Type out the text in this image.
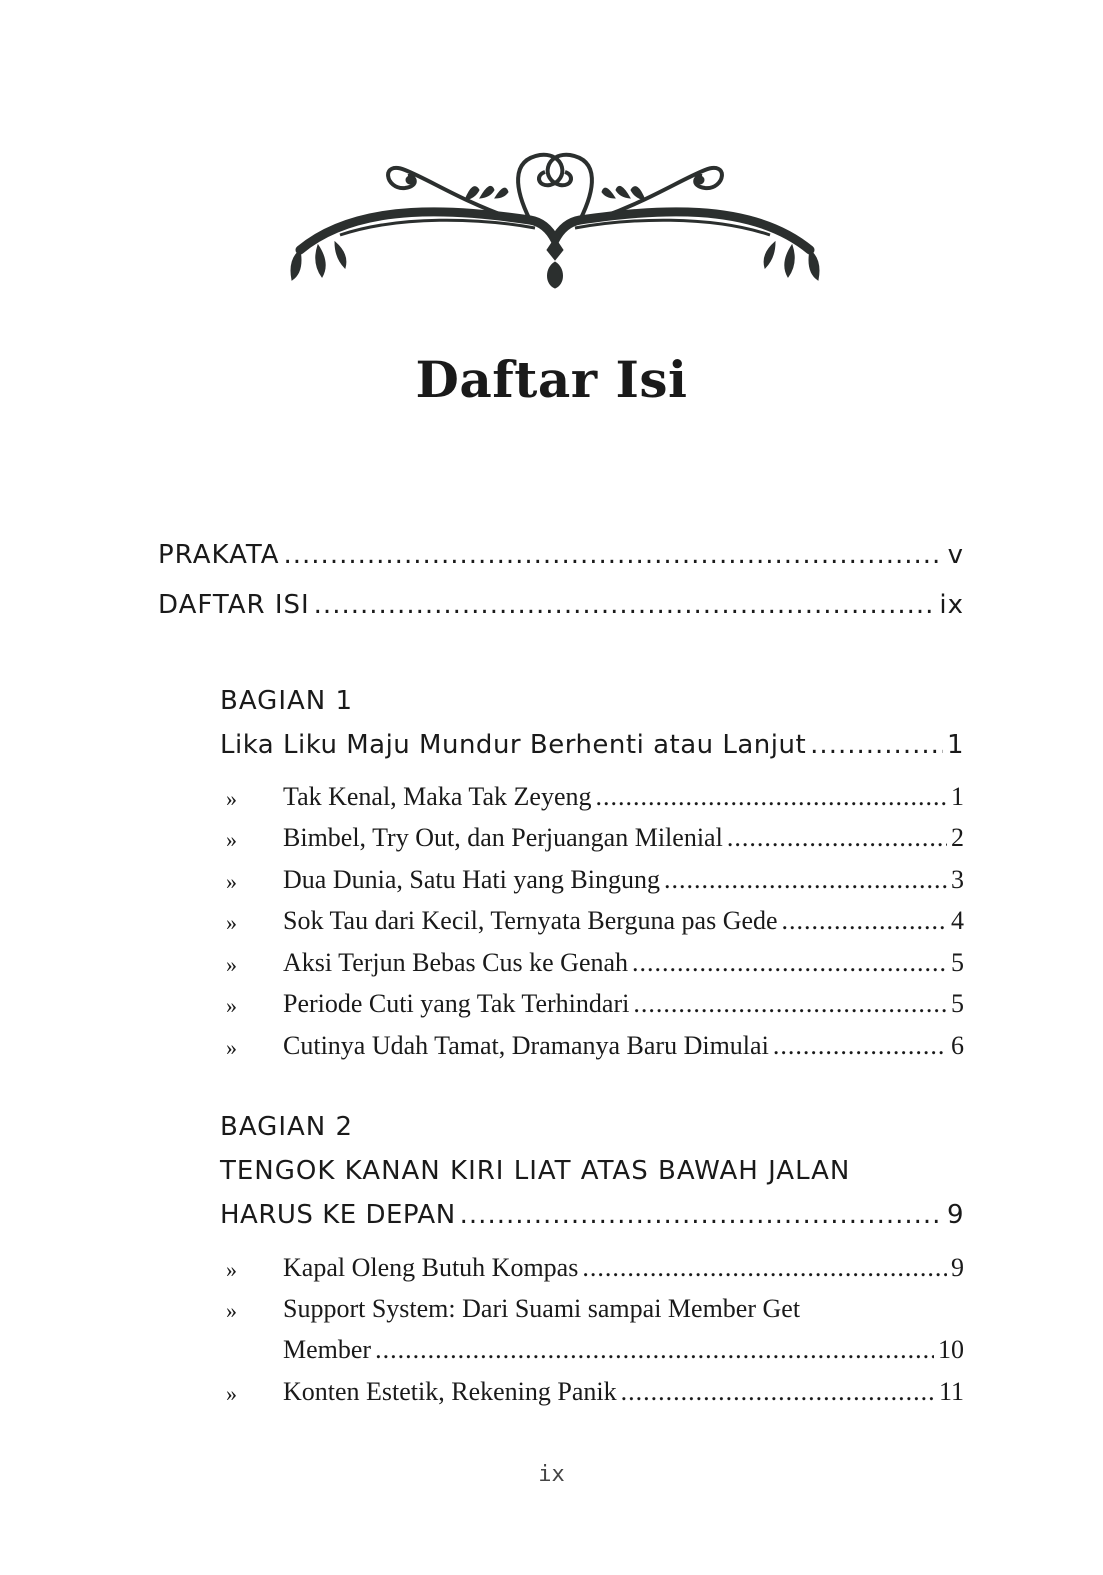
Daftar Isi
PRAKATA .....	v
DAFTAR ISI .....	ix
BAGIAN 1
Lika Liku Maju Mundur Berhenti atau Lanjut .....	1
» Tak Kenal, Maka Tak Zeyeng .....	1
» Bimbel, Try Out, dan Perjuangan Milenial .....	2
» Dua Dunia, Satu Hati yang Bingung .....	3
» Sok Tau dari Kecil, Ternyata Berguna pas Gede .....	4
» Aksi Terjun Bebas Cus ke Genah .....	5
» Periode Cuti yang Tak Terhindari .....	5
» Cutinya Udah Tamat, Dramanya Baru Dimulai .....	6
BAGIAN 2
TENGOK KANAN KIRI LIAT ATAS BAWAH JALAN
HARUS KE DEPAN .....	9
» Kapal Oleng Butuh Kompas .....	9
» Support System: Dari Suami sampai Member Get
Member .....	10
» Konten Estetik, Rekening Panik .....	11
ix
